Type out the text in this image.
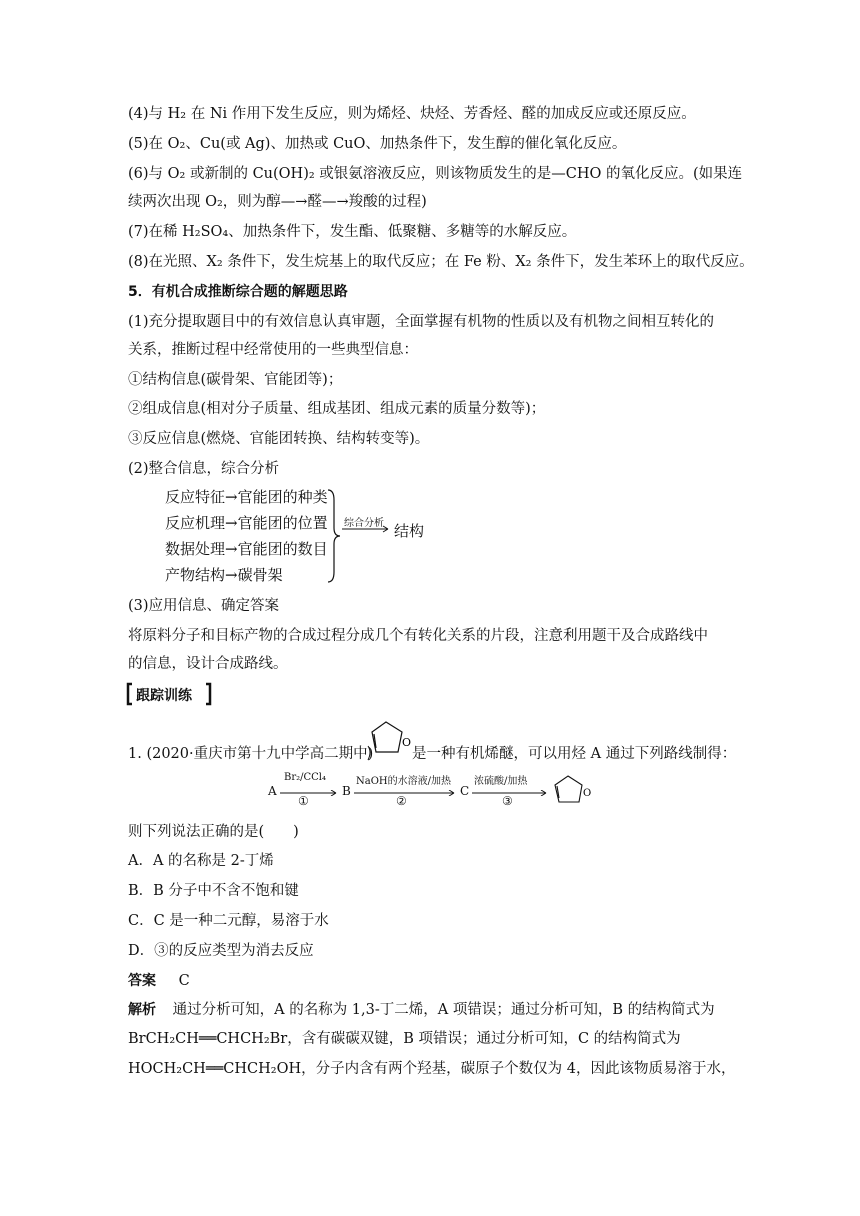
(4)与 H₂ 在 Ni 作用下发生反应，则为烯烃、炔烃、芳香烃、醛的加成反应或还原反应。
(5)在 O₂、Cu(或 Ag)、加热或 CuO、加热条件下，发生醇的催化氧化反应。
(6)与 O₂ 或新制的 Cu(OH)₂ 或银氨溶液反应，则该物质发生的是—CHO 的氧化反应。(如果连
续两次出现 O₂，则为醇—→醛—→羧酸的过程)
(7)在稀 H₂SO₄、加热条件下，发生酯、低聚糖、多糖等的水解反应。
(8)在光照、X₂ 条件下，发生烷基上的取代反应；在 Fe 粉、X₂ 条件下，发生苯环上的取代反应。
5．有机合成推断综合题的解题思路
(1)充分提取题目中的有效信息认真审题，全面掌握有机物的性质以及有机物之间相互转化的
关系，推断过程中经常使用的一些典型信息：
①结构信息(碳骨架、官能团等)；
②组成信息(相对分子质量、组成基团、组成元素的质量分数等)；
③反应信息(燃烧、官能团转换、结构转变等)。
(2)整合信息，综合分析
反应特征→官能团的种类
反应机理→官能团的位置
数据处理→官能团的数目
产物结构→碳骨架
综合分析 结构
(3)应用信息、确定答案
将原料分子和目标产物的合成过程分成几个有转化关系的片段，注意利用题干及合成路线中
的信息，设计合成路线。
跟踪训练
1. (2020·重庆市第十九中学高二期中)
O
是一种有机烯醚，可以用烃 A 通过下列路线制得：
A
Br₂/CCl₄
①
B
NaOH的水溶液/加热
②
C
浓硫酸/加热
③
O
则下列说法正确的是(　　)
A．A 的名称是 2-丁烯
B．B 分子中不含不饱和键
C．C 是一种二元醇，易溶于水
D．③的反应类型为消去反应
答案 C
解析 通过分析可知，A 的名称为 1,3-丁二烯，A 项错误；通过分析可知，B 的结构简式为
BrCH₂CH══CHCH₂Br，含有碳碳双键，B 项错误；通过分析可知，C 的结构简式为
HOCH₂CH══CHCH₂OH，分子内含有两个羟基，碳原子个数仅为 4，因此该物质易溶于水，
